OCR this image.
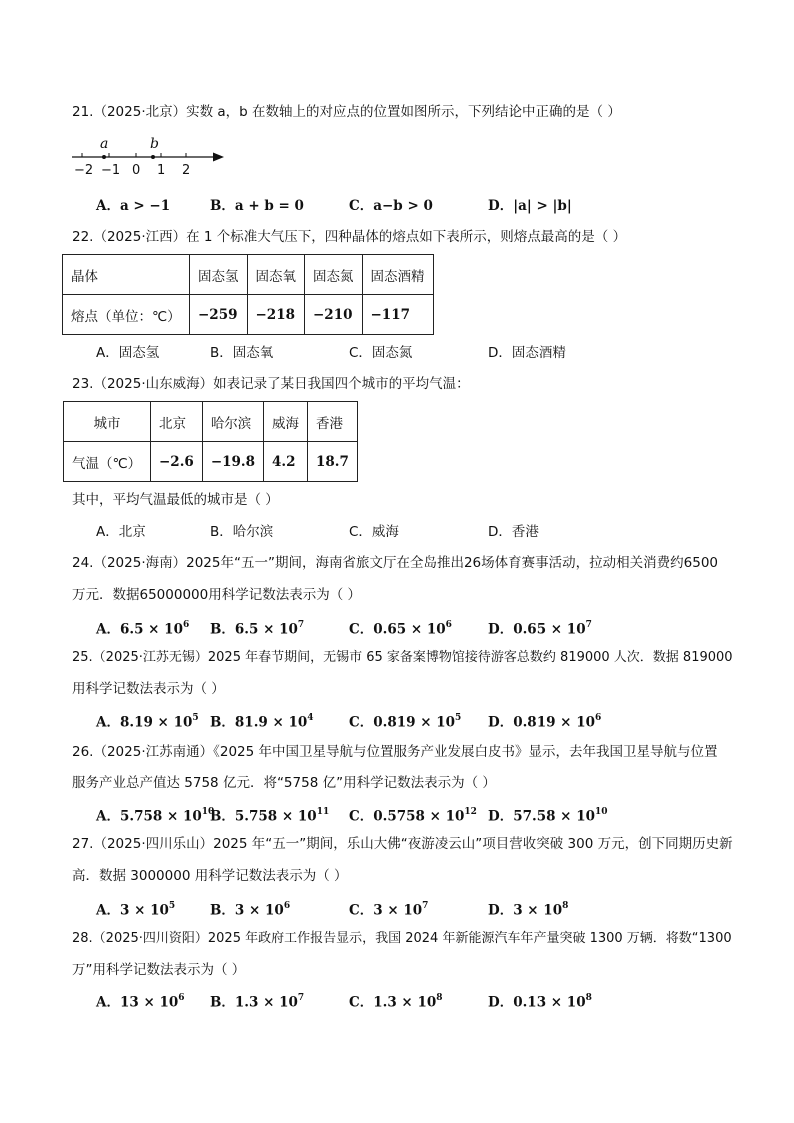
21.（2025·北京）实数 a，b 在数轴上的对应点的位置如图所示，下列结论中正确的是（ ）
a	b
−2 −1 0 1 2
A．a > −1	B．a + b = 0	C．a−b > 0	D．|a| > |b|
22.（2025·江西）在 1 个标准大气压下，四种晶体的熔点如下表所示，则熔点最高的是（ ）
晶体	固态氢	固态氧	固态氮	固态酒精
熔点（单位：℃）	−259	−218	−210	−117
A．固态氢	B．固态氧	C．固态氮	D．固态酒精
23.（2025·山东威海）如表记录了某日我国四个城市的平均气温：
城市	北京	哈尔滨	威海	香港
气温（℃）	−2.6	−19.8	4.2	18.7
其中，平均气温最低的城市是（ ）
A．北京	B．哈尔滨	C．威海	D．香港
24.（2025·海南）2025年“五一”期间，海南省旅文厅在全岛推出26场体育赛事活动，拉动相关消费约6500
万元．数据65000000用科学记数法表示为（ ）
A．$6.5 \times 10^6$ B．$6.5 \times 10^7$	C．$0.65 \times 10^6$	D．$0.65 \times 10^7$
25.（2025·江苏无锡）2025 年春节期间，无锡市 65 家备案博物馆接待游客总数约 819000 人次．数据 819000
用科学记数法表示为（ ）
A．$8.19 \times 10^5$ B．$81.9 \times 10^4$	C．$0.819 \times 10^5$ D．$0.819 \times 10^6$
26.（2025·江苏南通）《2025 年中国卫星导航与位置服务产业发展白皮书》显示，去年我国卫星导航与位置
服务产业总产值达 5758 亿元．将“5758 亿”用科学记数法表示为（ ）
A．$5.758 \times 10^{10}$
B．$5.758 \times 10^{11}$ C．$0.5758 \times 10^{12}$ D．$57.58 \times 10^{10}$
27.（2025·四川乐山）2025 年“五一”期间，乐山大佛“夜游凌云山”项目营收突破 300 万元，创下同期历史新
高．数据 3000000 用科学记数法表示为（ ）
A．$3 \times 10^5$	B．$3 \times 10^6$	C．$3 \times 10^7$	D．$3 \times 10^8$
28.（2025·四川资阳）2025 年政府工作报告显示，我国 2024 年新能源汽车年产量突破 1300 万辆．将数“1300
万”用科学记数法表示为（ ）
A．$13 \times 10^6$ B．$1.3 \times 10^7$	C．$1.3 \times 10^8$	D．$0.13 \times 10^8$
